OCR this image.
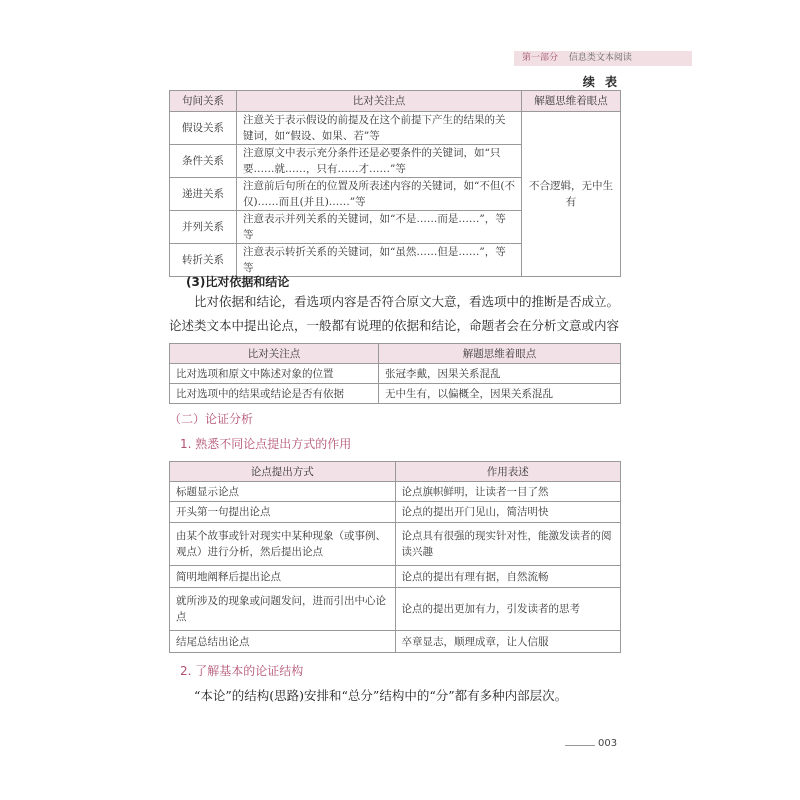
第一部分 信息类文本阅读
续 表
句间关系	比对关注点	解题思维着眼点
假设关系	注意关于表示假设的前提及在这个前提下产生的结果的关键词，如“假设、如果、若”等	不合逻辑，无中生有
条件关系	注意原文中表示充分条件还是必要条件的关键词，如“只要……就……，只有……才……”等	
递进关系	注意前后句所在的位置及所表述内容的关键词，如“不但(不仅)……而且(并且)……”等	
并列关系	注意表示并列关系的关键词，如“不是……而是……”，等等	
转折关系	注意表示转折关系的关键词，如“虽然……但是……”，等等	
(3)比对依据和结论
比对依据和结论，看选项内容是否符合原文大意，看选项中的推断是否成立。论述类文本中提出论点，一般都有说理的依据和结论，命题者会在分析文意或内容
比对关注点	解题思维着眼点
比对选项和原文中陈述对象的位置	张冠李戴，因果关系混乱
比对选项中的结果或结论是否有依据	无中生有，以偏概全，因果关系混乱
（二）论证分析
1. 熟悉不同论点提出方式的作用
论点提出方式	作用表述
标题显示论点	论点旗帜鲜明，让读者一目了然
开头第一句提出论点	论点的提出开门见山，简洁明快
由某个故事或针对现实中某种现象（或事例、观点）进行分析，然后提出论点	论点具有很强的现实针对性，能激发读者的阅读兴趣
简明地阐释后提出论点	论点的提出有理有据，自然流畅
就所涉及的现象或问题发问，进而引出中心论点	论点的提出更加有力，引发读者的思考
结尾总结出论点	卒章显志，顺理成章，让人信服
2. 了解基本的论证结构
“本论”的结构(思路)安排和“总分”结构中的“分”都有多种内部层次。
003
